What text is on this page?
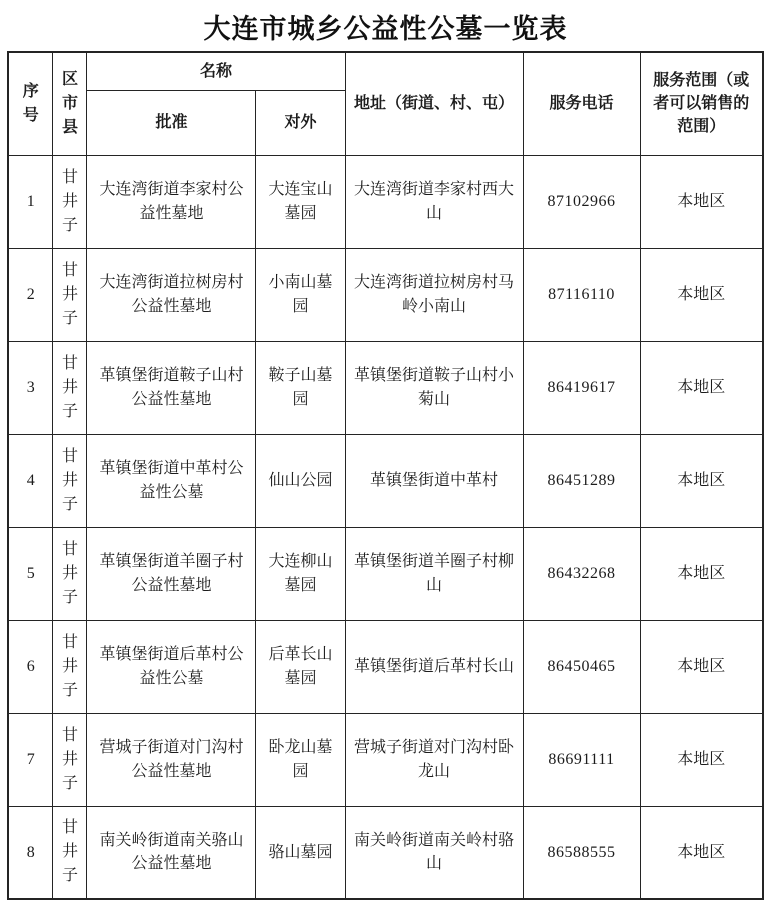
大连市城乡公益性公墓一览表
序号	区市县	名称		地址（街道、村、屯）	服务电话	服务范围（或者可以销售的范围）
		批准	对外			
1	甘井子	大连湾街道李家村公益性墓地	大连宝山墓园	大连湾街道李家村西大山	87102966	本地区
2	甘井子	大连湾街道拉树房村公益性墓地	小南山墓园	大连湾街道拉树房村马岭小南山	87116110	本地区
3	甘井子	革镇堡街道鞍子山村公益性墓地	鞍子山墓园	革镇堡街道鞍子山村小菊山	86419617	本地区
4	甘井子	革镇堡街道中革村公益性公墓	仙山公园	革镇堡街道中革村	86451289	本地区
5	甘井子	革镇堡街道羊圈子村公益性墓地	大连柳山墓园	革镇堡街道羊圈子村柳山	86432268	本地区
6	甘井子	革镇堡街道后革村公益性公墓	后革长山墓园	革镇堡街道后革村长山	86450465	本地区
7	甘井子	营城子街道对门沟村公益性墓地	卧龙山墓园	营城子街道对门沟村卧龙山	86691111	本地区
8	甘井子	南关岭街道南关骆山公益性墓地	骆山墓园	南关岭街道南关岭村骆山	86588555	本地区
